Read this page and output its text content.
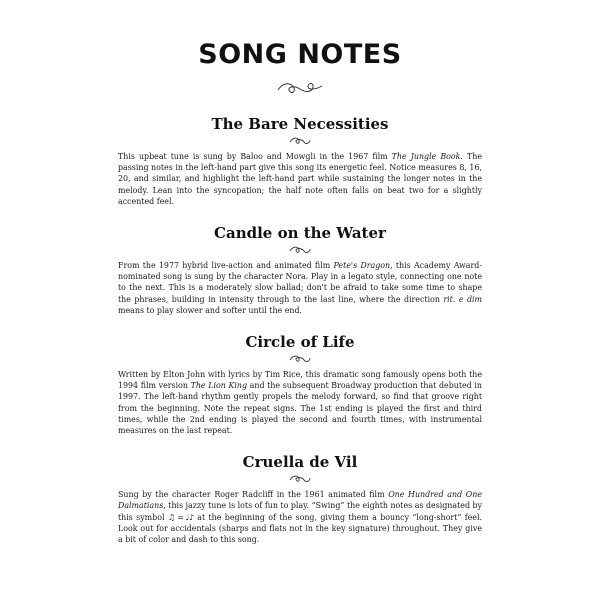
SONG NOTES
The Bare Necessities

This upbeat tune is sung by Baloo and Mowgli in the 1967 film The Jungle Book. The passing notes in the left-hand part give this song its energetic feel. Notice measures 8, 16, 20, and similar, and highlight the left-hand part while sustaining the longer notes in the melody. Lean into the syncopation; the half note often falls on beat two for a slightly accented feel.

Candle on the Water

From the 1977 hybrid live-action and animated film Pete's Dragon, this Academy Award-nominated song is sung by the character Nora. Play in a legato style, connecting one note to the next. This is a moderately slow ballad; don't be afraid to take some time to shape the phrases, building in intensity through to the last line, where the direction rit. e dim means to play slower and softer until the end.

Circle of Life

Written by Elton John with lyrics by Tim Rice, this dramatic song famously opens both the 1994 film version The Lion King and the subsequent Broadway production that debuted in 1997. The left-hand rhythm gently propels the melody forward, so find that groove right from the beginning. Note the repeat signs. The 1st ending is played the first and third times, while the 2nd ending is played the second and fourth times, with instrumental measures on the last repeat.

Cruella de Vil

Sung by the character Roger Radcliff in the 1961 animated film One Hundred and One Dalmatians, this jazzy tune is lots of fun to play. “Swing” the eighth notes as designated by this symbol ♫ = ♩♪ at the beginning of the song, giving them a bouncy “long-short” feel. Look out for accidentals (sharps and flats not in the key signature) throughout. They give a bit of color and dash to this song.
